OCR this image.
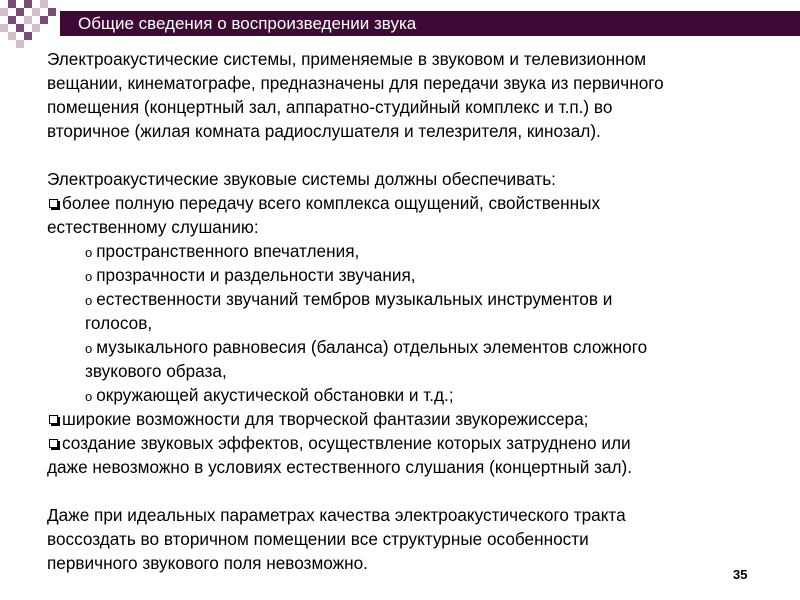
Общие сведения о воспроизведении звука
Электроакустические системы, применяемые в звуковом и телевизионном
вещании, кинематографе, предназначены для передачи звука из первичного
помещения (концертный зал, аппаратно-студийный комплекс и т.п.) во
вторичное (жилая комната радиослушателя и телезрителя, кинозал).
Электроакустические звуковые системы должны обеспечивать:
более полную передачу всего комплекса ощущений, свойственных
естественному слушанию:
o пространственного впечатления,
o прозрачности и раздельности звучания,
o естественности звучаний тембров музыкальных инструментов и
голосов,
o музыкального равновесия (баланса) отдельных элементов сложного
звукового образа,
o окружающей акустической обстановки и т.д.;
широкие возможности для творческой фантазии звукорежиссера;
создание звуковых эффектов, осуществление которых затруднено или
даже невозможно в условиях естественного слушания (концертный зал).
Даже при идеальных параметрах качества электроакустического тракта
воссоздать во вторичном помещении все структурные особенности
первичного звукового поля невозможно.
35
